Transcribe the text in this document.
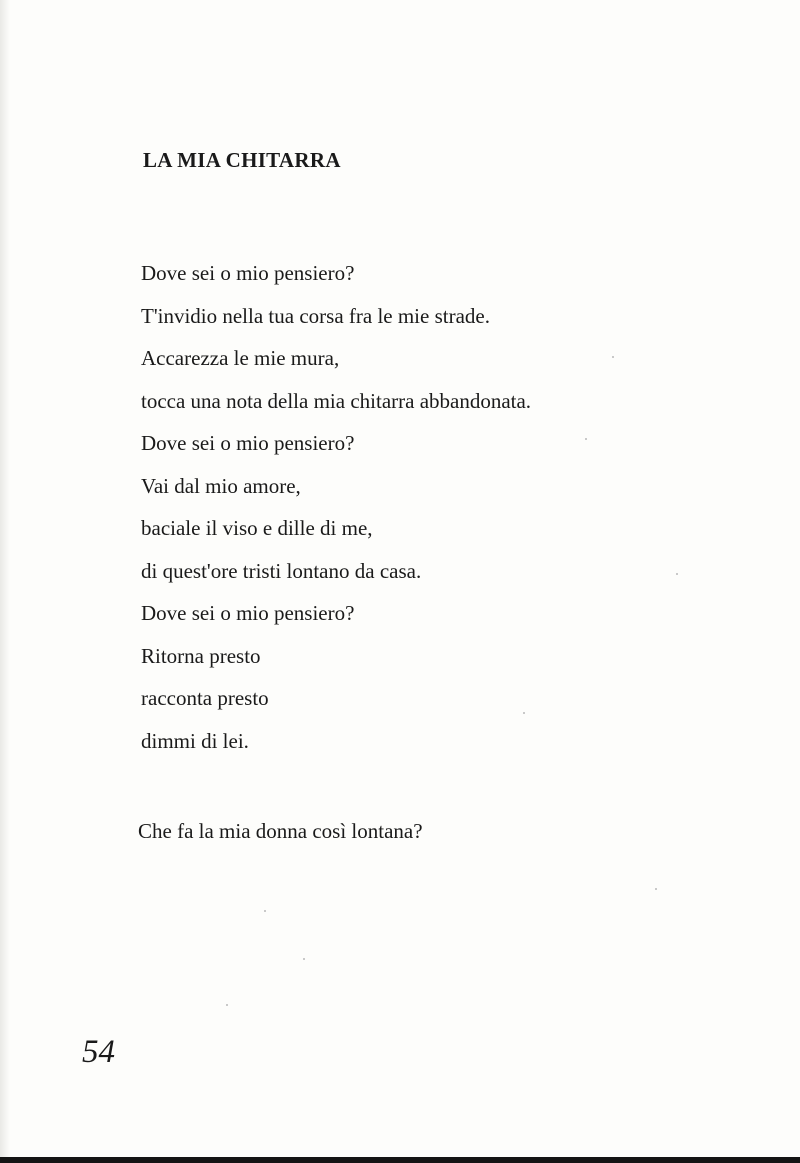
LA MIA CHITARRA
Dove sei o mio pensiero?
T'invidio nella tua corsa fra le mie strade.
Accarezza le mie mura,
tocca una nota della mia chitarra abbandonata.
Dove sei o mio pensiero?
Vai dal mio amore,
baciale il viso e dille di me,
di quest'ore tristi lontano da casa.
Dove sei o mio pensiero?
Ritorna presto
racconta presto
dimmi di lei.
Che fa la mia donna così lontana?
54
